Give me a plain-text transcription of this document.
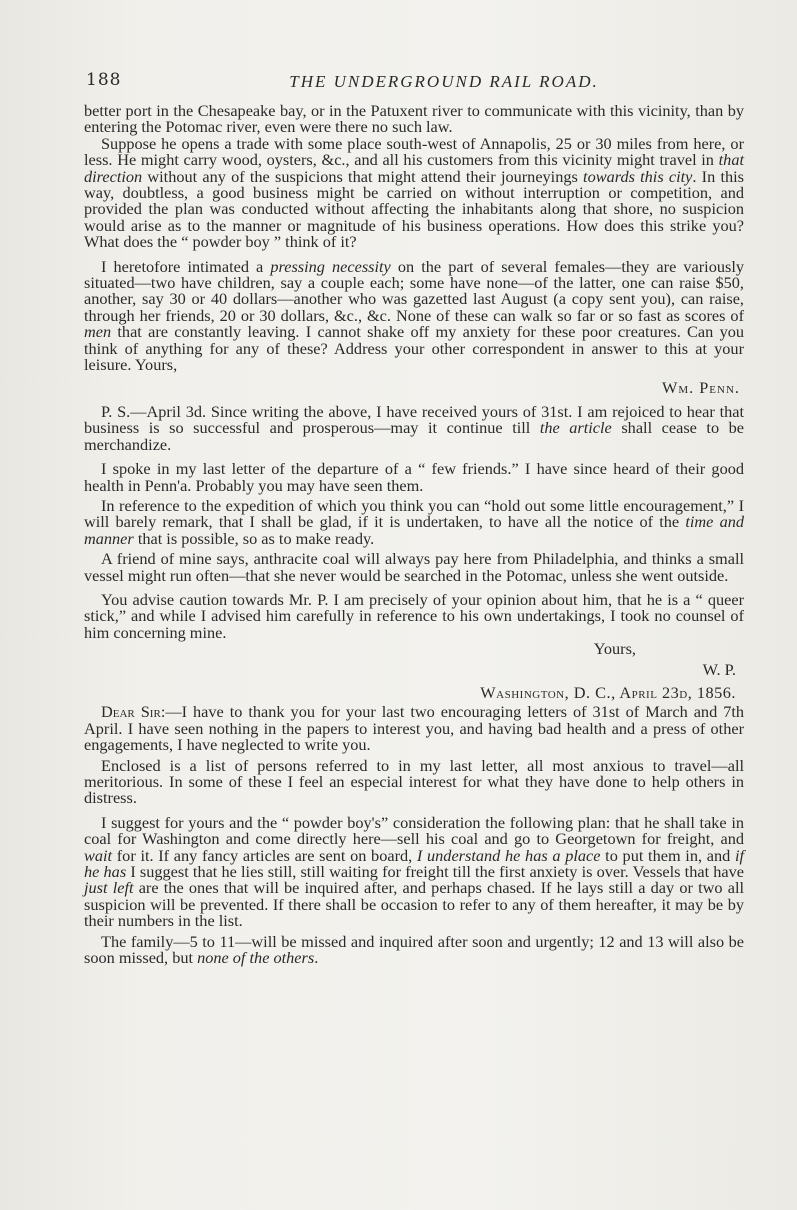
188	THE UNDERGROUND RAIL ROAD.

better port in the Chesapeake bay, or in the Patuxent river to communicate with this vicinity, than by entering the Potomac river, even were there no such law.

Suppose he opens a trade with some place south-west of Annapolis, 25 or 30 miles from here, or less. He might carry wood, oysters, &c., and all his customers from this vicinity might travel in that direction without any of the suspicions that might attend their journeyings towards this city. In this way, doubtless, a good business might be carried on without interruption or competition, and provided the plan was conducted without affecting the inhabitants along that shore, no suspicion would arise as to the manner or magnitude of his business operations. How does this strike you? What does the “ powder boy ” think of it?

I heretofore intimated a pressing necessity on the part of several females—they are variously situated—two have children, say a couple each; some have none—of the latter, one can raise $50, another, say 30 or 40 dollars—another who was gazetted last August (a copy sent you), can raise, through her friends, 20 or 30 dollars, &c., &c. None of these can walk so far or so fast as scores of men that are constantly leaving. I cannot shake off my anxiety for these poor creatures. Can you think of anything for any of these? Address your other correspondent in answer to this at your leisure. Yours,

Wm. Penn.

P. S.—April 3d. Since writing the above, I have received yours of 31st. I am rejoiced to hear that business is so successful and prosperous—may it continue till the article shall cease to be merchandize.

I spoke in my last letter of the departure of a “ few friends.” I have since heard of their good health in Penn'a. Probably you may have seen them.

In reference to the expedition of which you think you can “hold out some little encouragement,” I will barely remark, that I shall be glad, if it is undertaken, to have all the notice of the time and manner that is possible, so as to make ready.

A friend of mine says, anthracite coal will always pay here from Philadelphia, and thinks a small vessel might run often—that she never would be searched in the Potomac, unless she went outside.

You advise caution towards Mr. P. I am precisely of your opinion about him, that he is a “ queer stick,” and while I advised him carefully in reference to his own undertakings, I took no counsel of him concerning mine.

Yours,
W. P.
Washington, D. C., April 23d, 1856.

Dear Sir:—I have to thank you for your last two encouraging letters of 31st of March and 7th April. I have seen nothing in the papers to interest you, and having bad health and a press of other engagements, I have neglected to write you.

Enclosed is a list of persons referred to in my last letter, all most anxious to travel—all meritorious. In some of these I feel an especial interest for what they have done to help others in distress.

I suggest for yours and the “ powder boy's” consideration the following plan: that he shall take in coal for Washington and come directly here—sell his coal and go to Georgetown for freight, and wait for it. If any fancy articles are sent on board, I understand he has a place to put them in, and if he has I suggest that he lies still, still waiting for freight till the first anxiety is over. Vessels that have just left are the ones that will be inquired after, and perhaps chased. If he lays still a day or two all suspicion will be prevented. If there shall be occasion to refer to any of them hereafter, it may be by their numbers in the list.

The family—5 to 11—will be missed and inquired after soon and urgently; 12 and 13 will also be soon missed, but none of the others.
